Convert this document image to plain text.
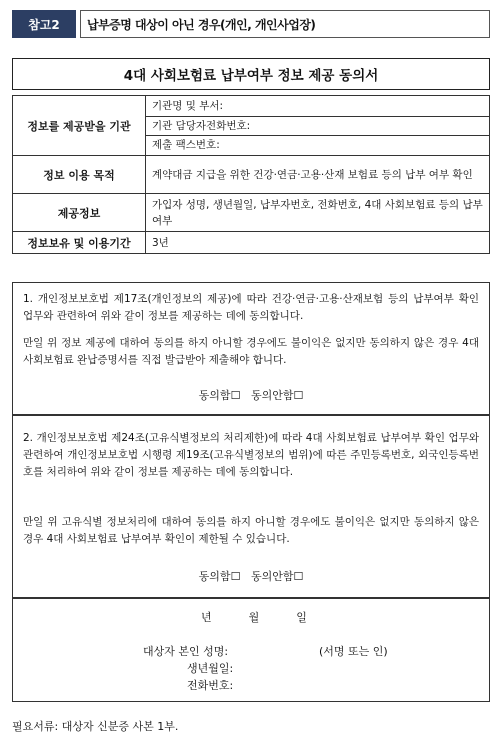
참고2	납부증명 대상이 아닌 경우(개인, 개인사업장)
4대 사회보험료 납부여부 정보 제공 동의서
정보를 제공받을 기관	기관명 및 부서:
기관 담당자전화번호:
제출 팩스번호:

정보 이용 목적	계약대금 지급을 위한 건강·연금·고용·산재 보험료 등의 납부 여부 확인
제공정보	가입자 성명, 생년월일, 납부자번호, 전화번호, 4대 사회보험료 등의 납부 여부
정보보유 및 이용기간	3년
1. 개인정보보호법 제17조(개인정보의 제공)에 따라 건강·연금·고용·산재보험 등의 납부여부 확인 업무와 관련하여 위와 같이 정보를 제공하는 데에 동의합니다.
만일 위 정보 제공에 대하여 동의를 하지 아니할 경우에도 불이익은 없지만 동의하지 않은 경우 4대 사회보험료 완납증명서를 직접 발급받아 제출해야 합니다.
동의함☐ 동의안함☐
2. 개인정보보호법 제24조(고유식별정보의 처리제한)에 따라 4대 사회보험료 납부여부 확인 업무와 관련하여 개인정보보호법 시행령 제19조(고유식별정보의 범위)에 따른 주민등록번호, 외국인등록번호를 처리하여 위와 같이 정보를 제공하는 데에 동의합니다.
만일 위 고유식별 정보처리에 대하여 동의를 하지 아니할 경우에도 불이익은 없지만 동의하지 않은 경우 4대 사회보험료 납부여부 확인이 제한될 수 있습니다.
동의함☐ 동의안함☐
년	월	일
대상자 본인 성명:	(서명 또는 인)
생년월일:
전화번호:
필요서류: 대상자 신분증 사본 1부.
